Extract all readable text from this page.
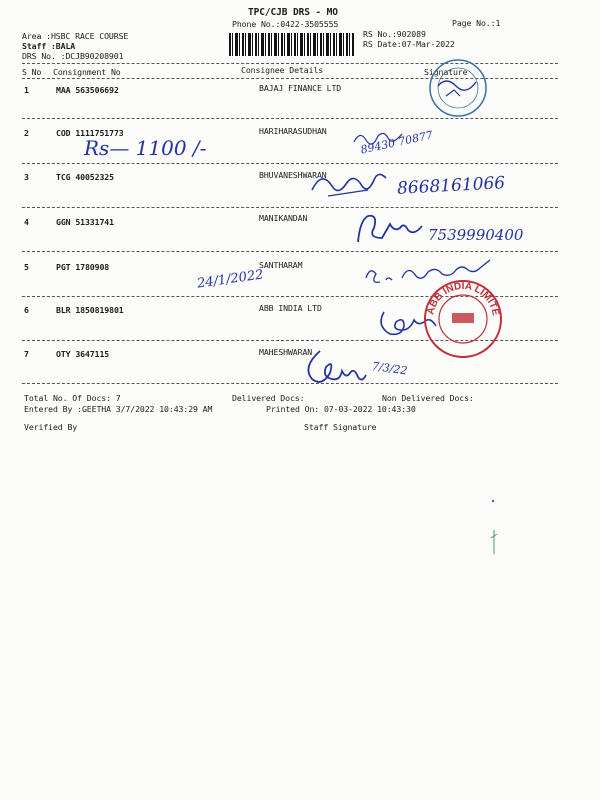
TPC/CJB DRS - MO
Phone No.:0422-3505555	Page No.:1
Area :HSBC RACE COURSE
Staff :BALA
DRS No. :DCJB90208901
RS No.:902089
RS Date:07-Mar-2022
S No Consignment No	Consignee Details	Signature
1	MAA 563506692	BAJAJ FINANCE LTD
2	COD 1111751773	HARIHARASUDHAN
3	TCG 40052325	BHUVANESHWARAN
4	GGN 51331741	MANIKANDAN
5	PGT 1780908	SANTHARAM
6	BLR 1850819801	ABB INDIA LTD
7	OTY 3647115	MAHESHWARAN
Rs— 1100 /-	89430 70877
8668161066
7539990400
24/1/2022
ABB INDIA LIMITED
7/3/22
Total No. Of Docs: 7	Delivered Docs:	Non Delivered Docs:
Entered By :GEETHA 3/7/2022 10:43:29 AM	Printed On: 07-03-2022 10:43:30
Verified By	Staff Signature
